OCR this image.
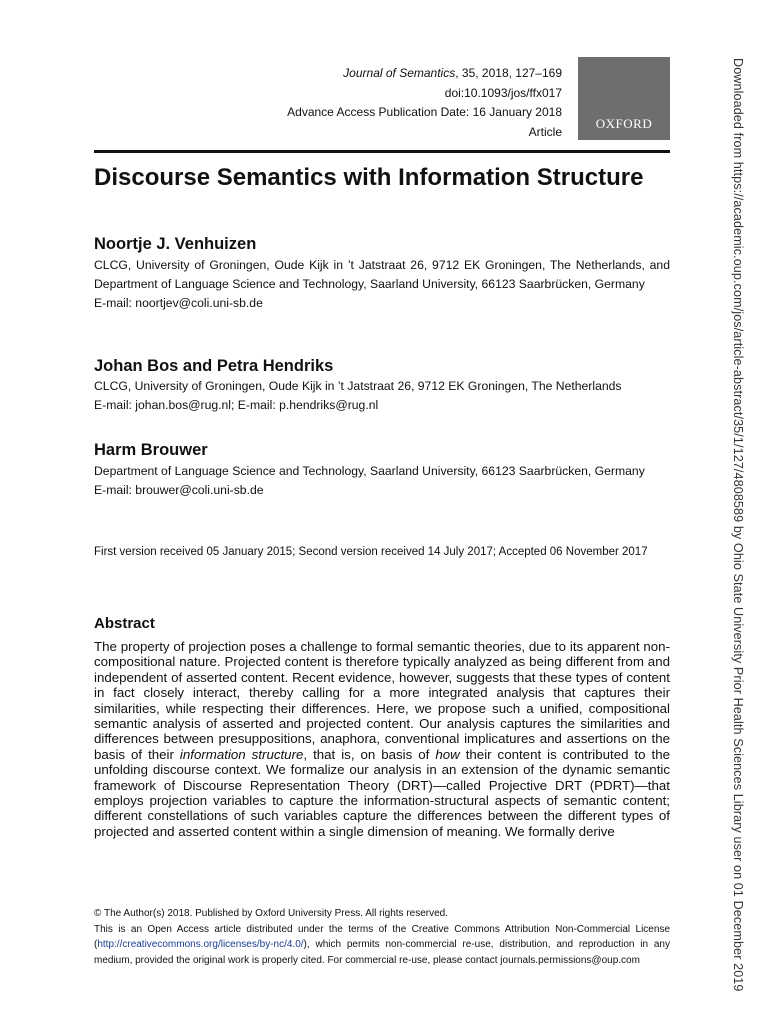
Journal of Semantics, 35, 2018, 127–169
doi:10.1093/jos/ffx017
Advance Access Publication Date: 16 January 2018
Article
OXFORD
Discourse Semantics with Information Structure
Noortje J. Venhuizen
CLCG, University of Groningen, Oude Kijk in ’t Jatstraat 26, 9712 EK Groningen, The Netherlands, and Department of Language Science and Technology, Saarland University, 66123 Saarbrücken, Germany
E-mail: noortjev@coli.uni-sb.de
Johan Bos and Petra Hendriks
CLCG, University of Groningen, Oude Kijk in ’t Jatstraat 26, 9712 EK Groningen, The Netherlands
E-mail: johan.bos@rug.nl; E-mail: p.hendriks@rug.nl
Harm Brouwer
Department of Language Science and Technology, Saarland University, 66123 Saarbrücken, Germany
E-mail: brouwer@coli.uni-sb.de
First version received 05 January 2015; Second version received 14 July 2017; Accepted 06 November 2017
Abstract
The property of projection poses a challenge to formal semantic theories, due to its apparent non-compositional nature. Projected content is therefore typically analyzed as being different from and independent of asserted content. Recent evidence, however, suggests that these types of content in fact closely interact, thereby calling for a more integrated analysis that captures their similarities, while respecting their differences. Here, we propose such a unified, compositional semantic analysis of asserted and projected content. Our analysis captures the similarities and differences between presuppositions, anaphora, conventional implicatures and assertions on the basis of their information structure, that is, on basis of how their content is contributed to the unfolding discourse context. We formalize our analysis in an extension of the dynamic semantic framework of Discourse Representation Theory (DRT)—called Projective DRT (PDRT)—that employs projection variables to capture the information-structural aspects of semantic content; different constellations of such variables capture the differences between the different types of projected and asserted content within a single dimension of meaning. We formally derive
© The Author(s) 2018. Published by Oxford University Press. All rights reserved.
This is an Open Access article distributed under the terms of the Creative Commons Attribution Non-Commercial License (http://creativecommons.org/licenses/by-nc/4.0/), which permits non-commercial re-use, distribution, and reproduction in any medium, provided the original work is properly cited. For commercial re-use, please contact journals.permissions@oup.com	Downloaded from https://academic.oup.com/jos/article-abstract/35/1/127/4808589 by Ohio State University Prior Health Sciences Library user on 01 December 2019
